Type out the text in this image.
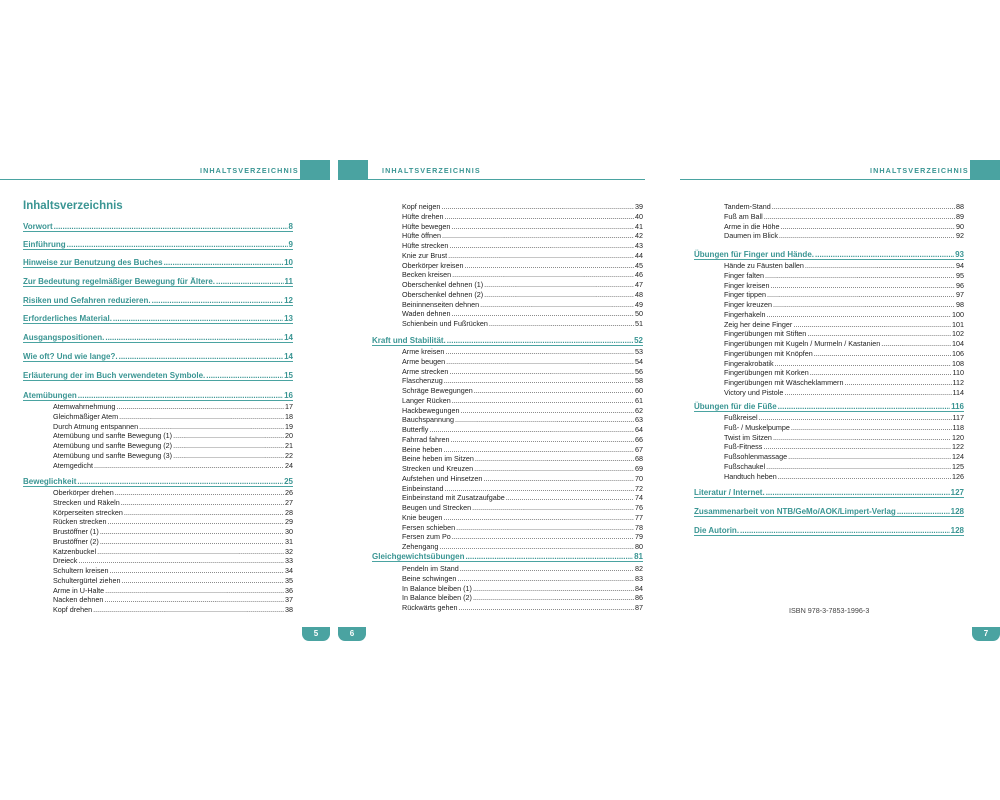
INHALTSVERZEICHNIS
Inhaltsverzeichnis
Vorwort .....	8
Einführung .....	9
Hinweise zur Benutzung des Buches .....	10
Zur Bedeutung regelmäßiger Bewegung für Ältere. .....	11
Risiken und Gefahren reduzieren. .....	12
Erforderliches Material. .....	13
Ausgangspositionen. .....	14
Wie oft? Und wie lange?. .....	14
Erläuterung der im Buch verwendeten Symbole. .....	15
Atemübungen .....	16
Atemwahrnehmung .....	17
Gleichmäßiger Atem .....	18
Durch Atmung entspannen .....	19
Atemübung und sanfte Bewegung (1) .....	20
Atemübung und sanfte Bewegung (2) .....	21
Atemübung und sanfte Bewegung (3) .....	22
Atemgedicht .....	24
Beweglichkeit .....	25
Oberkörper drehen .....	26
Strecken und Räkeln .....	27
Körperseiten strecken .....	28
Rücken strecken .....	29
Brustöffner (1) .....	30
Brustöffner (2) .....	31
Katzenbuckel .....	32
Dreieck .....	33
Schultern kreisen .....	34
Schultergürtel ziehen .....	35
Arme in U-Halte .....	36
Nacken dehnen .....	37
Kopf drehen .....	38
5
INHALTSVERZEICHNIS
Kopf neigen .....	39
Hüfte drehen .....	40
Hüfte bewegen .....	41
Hüfte öffnen .....	42
Hüfte strecken .....	43
Knie zur Brust .....	44
Oberkörper kreisen .....	45
Becken kreisen .....	46
Oberschenkel dehnen (1) .....	47
Oberschenkel dehnen (2) .....	48
Beininnenseiten dehnen .....	49
Waden dehnen .....	50
Schienbein und Fußrücken .....	51
Kraft und Stabilität. .....	52
Arme kreisen .....	53
Arme beugen .....	54
Arme strecken .....	56
Flaschenzug .....	58
Schräge Bewegungen .....	60
Langer Rücken .....	61
Hackbewegungen .....	62
Bauchspannung .....	63
Butterfly .....	64
Fahrrad fahren .....	66
Beine heben .....	67
Beine heben im Sitzen .....	68
Strecken und Kreuzen .....	69
Aufstehen und Hinsetzen .....	70
Einbeinstand .....	72
Einbeinstand mit Zusatzaufgabe .....	74
Beugen und Strecken .....	76
Knie beugen .....	77
Fersen schieben .....	78
Fersen zum Po .....	79
Zehengang .....	80
Gleichgewichtsübungen .....	81
Pendeln im Stand .....	82
Beine schwingen .....	83
In Balance bleiben (1) .....	84
In Balance bleiben (2) .....	86
Rückwärts gehen .....	87
6
INHALTSVERZEICHNIS
Tandem-Stand .....	88
Fuß am Ball .....	89
Arme in die Höhe .....	90
Daumen im Blick .....	92
Übungen für Finger und Hände. .....	93
Hände zu Fäusten ballen .....	94
Finger falten .....	95
Finger kreisen .....	96
Finger tippen .....	97
Finger kreuzen .....	98
Fingerhakeln .....	100
Zeig her deine Finger .....	101
Fingerübungen mit Stiften .....	102
Fingerübungen mit Kugeln / Murmeln / Kastanien .....	104
Fingerübungen mit Knöpfen .....	106
Fingerakrobatik .....	108
Fingerübungen mit Korken .....	110
Fingerübungen mit Wäscheklammern .....	112
Victory und Pistole .....	114
Übungen für die Füße .....	116
Fußkreisel .....	117
Fuß- / Muskelpumpe .....	118
Twist im Sitzen .....	120
Fuß-Fitness .....	122
Fußsohlenmassage .....	124
Fußschaukel .....	125
Handtuch heben .....	126
Literatur / Internet. .....	127
Zusammenarbeit von NTB/GeMo/AOK/Limpert-Verlag .....	128
Die Autorin. .....	128
ISBN 978-3-7853-1996-3
7
